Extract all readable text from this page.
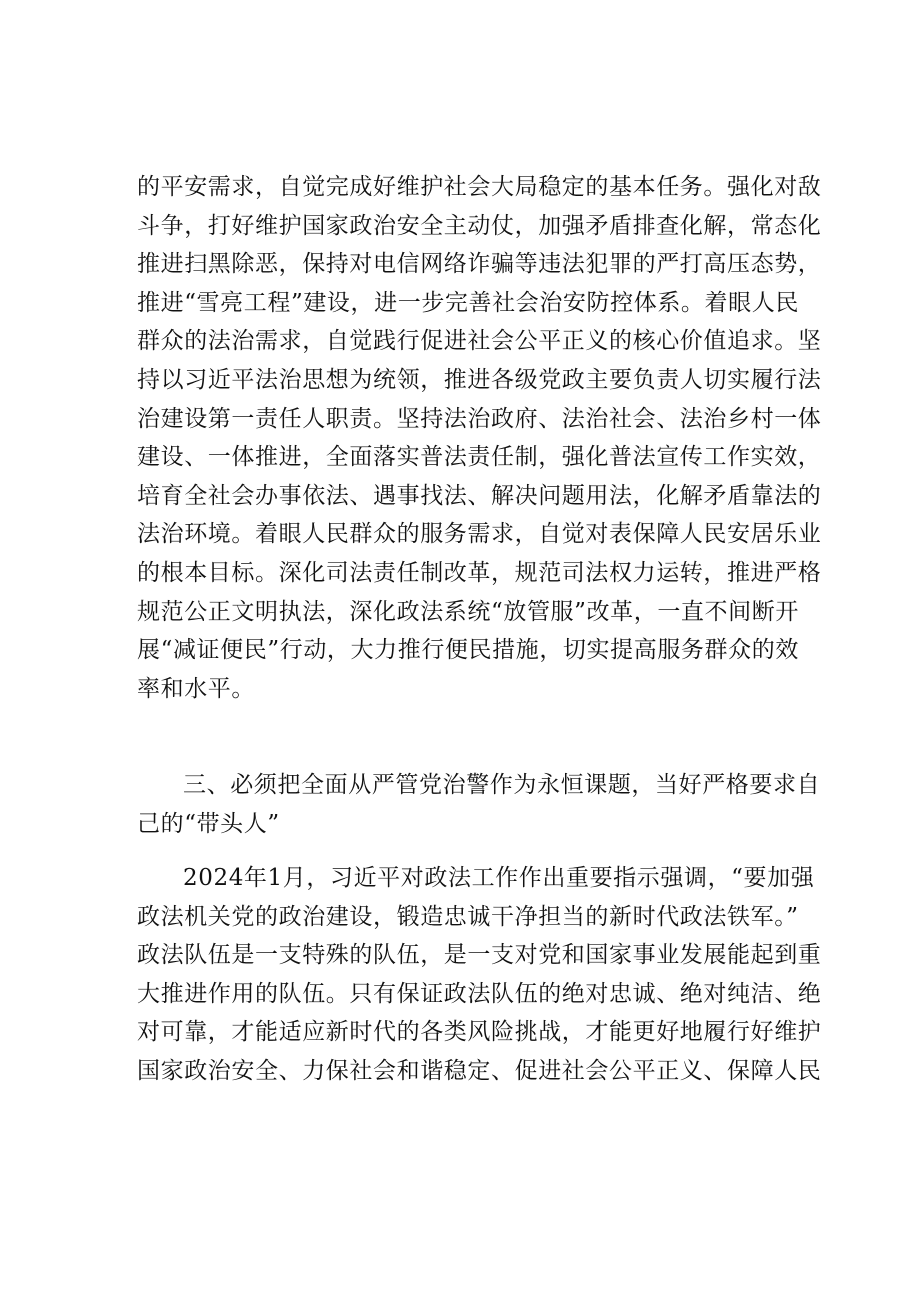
的平安需求，自觉完成好维护社会大局稳定的基本任务。强化对敌
斗争，打好维护国家政治安全主动仗，加强矛盾排查化解，常态化
推进扫黑除恶，保持对电信网络诈骗等违法犯罪的严打高压态势，
推进“雪亮工程”建设，进一步完善社会治安防控体系。着眼人民
群众的法治需求，自觉践行促进社会公平正义的核心价值追求。坚
持以习近平法治思想为统领，推进各级党政主要负责人切实履行法
治建设第一责任人职责。坚持法治政府、法治社会、法治乡村一体
建设、一体推进，全面落实普法责任制，强化普法宣传工作实效，
培育全社会办事依法、遇事找法、解决问题用法，化解矛盾靠法的
法治环境。着眼人民群众的服务需求，自觉对表保障人民安居乐业
的根本目标。深化司法责任制改革，规范司法权力运转，推进严格
规范公正文明执法，深化政法系统“放管服”改革，一直不间断开
展“减证便民”行动，大力推行便民措施，切实提高服务群众的效
率和水平。
三、必须把全面从严管党治警作为永恒课题，当好严格要求自
己的“带头人”
2024年1月，习近平对政法工作作出重要指示强调，“要加强
政法机关党的政治建设，锻造忠诚干净担当的新时代政法铁军。”
政法队伍是一支特殊的队伍，是一支对党和国家事业发展能起到重
大推进作用的队伍。只有保证政法队伍的绝对忠诚、绝对纯洁、绝
对可靠，才能适应新时代的各类风险挑战，才能更好地履行好维护
国家政治安全、力保社会和谐稳定、促进社会公平正义、保障人民
